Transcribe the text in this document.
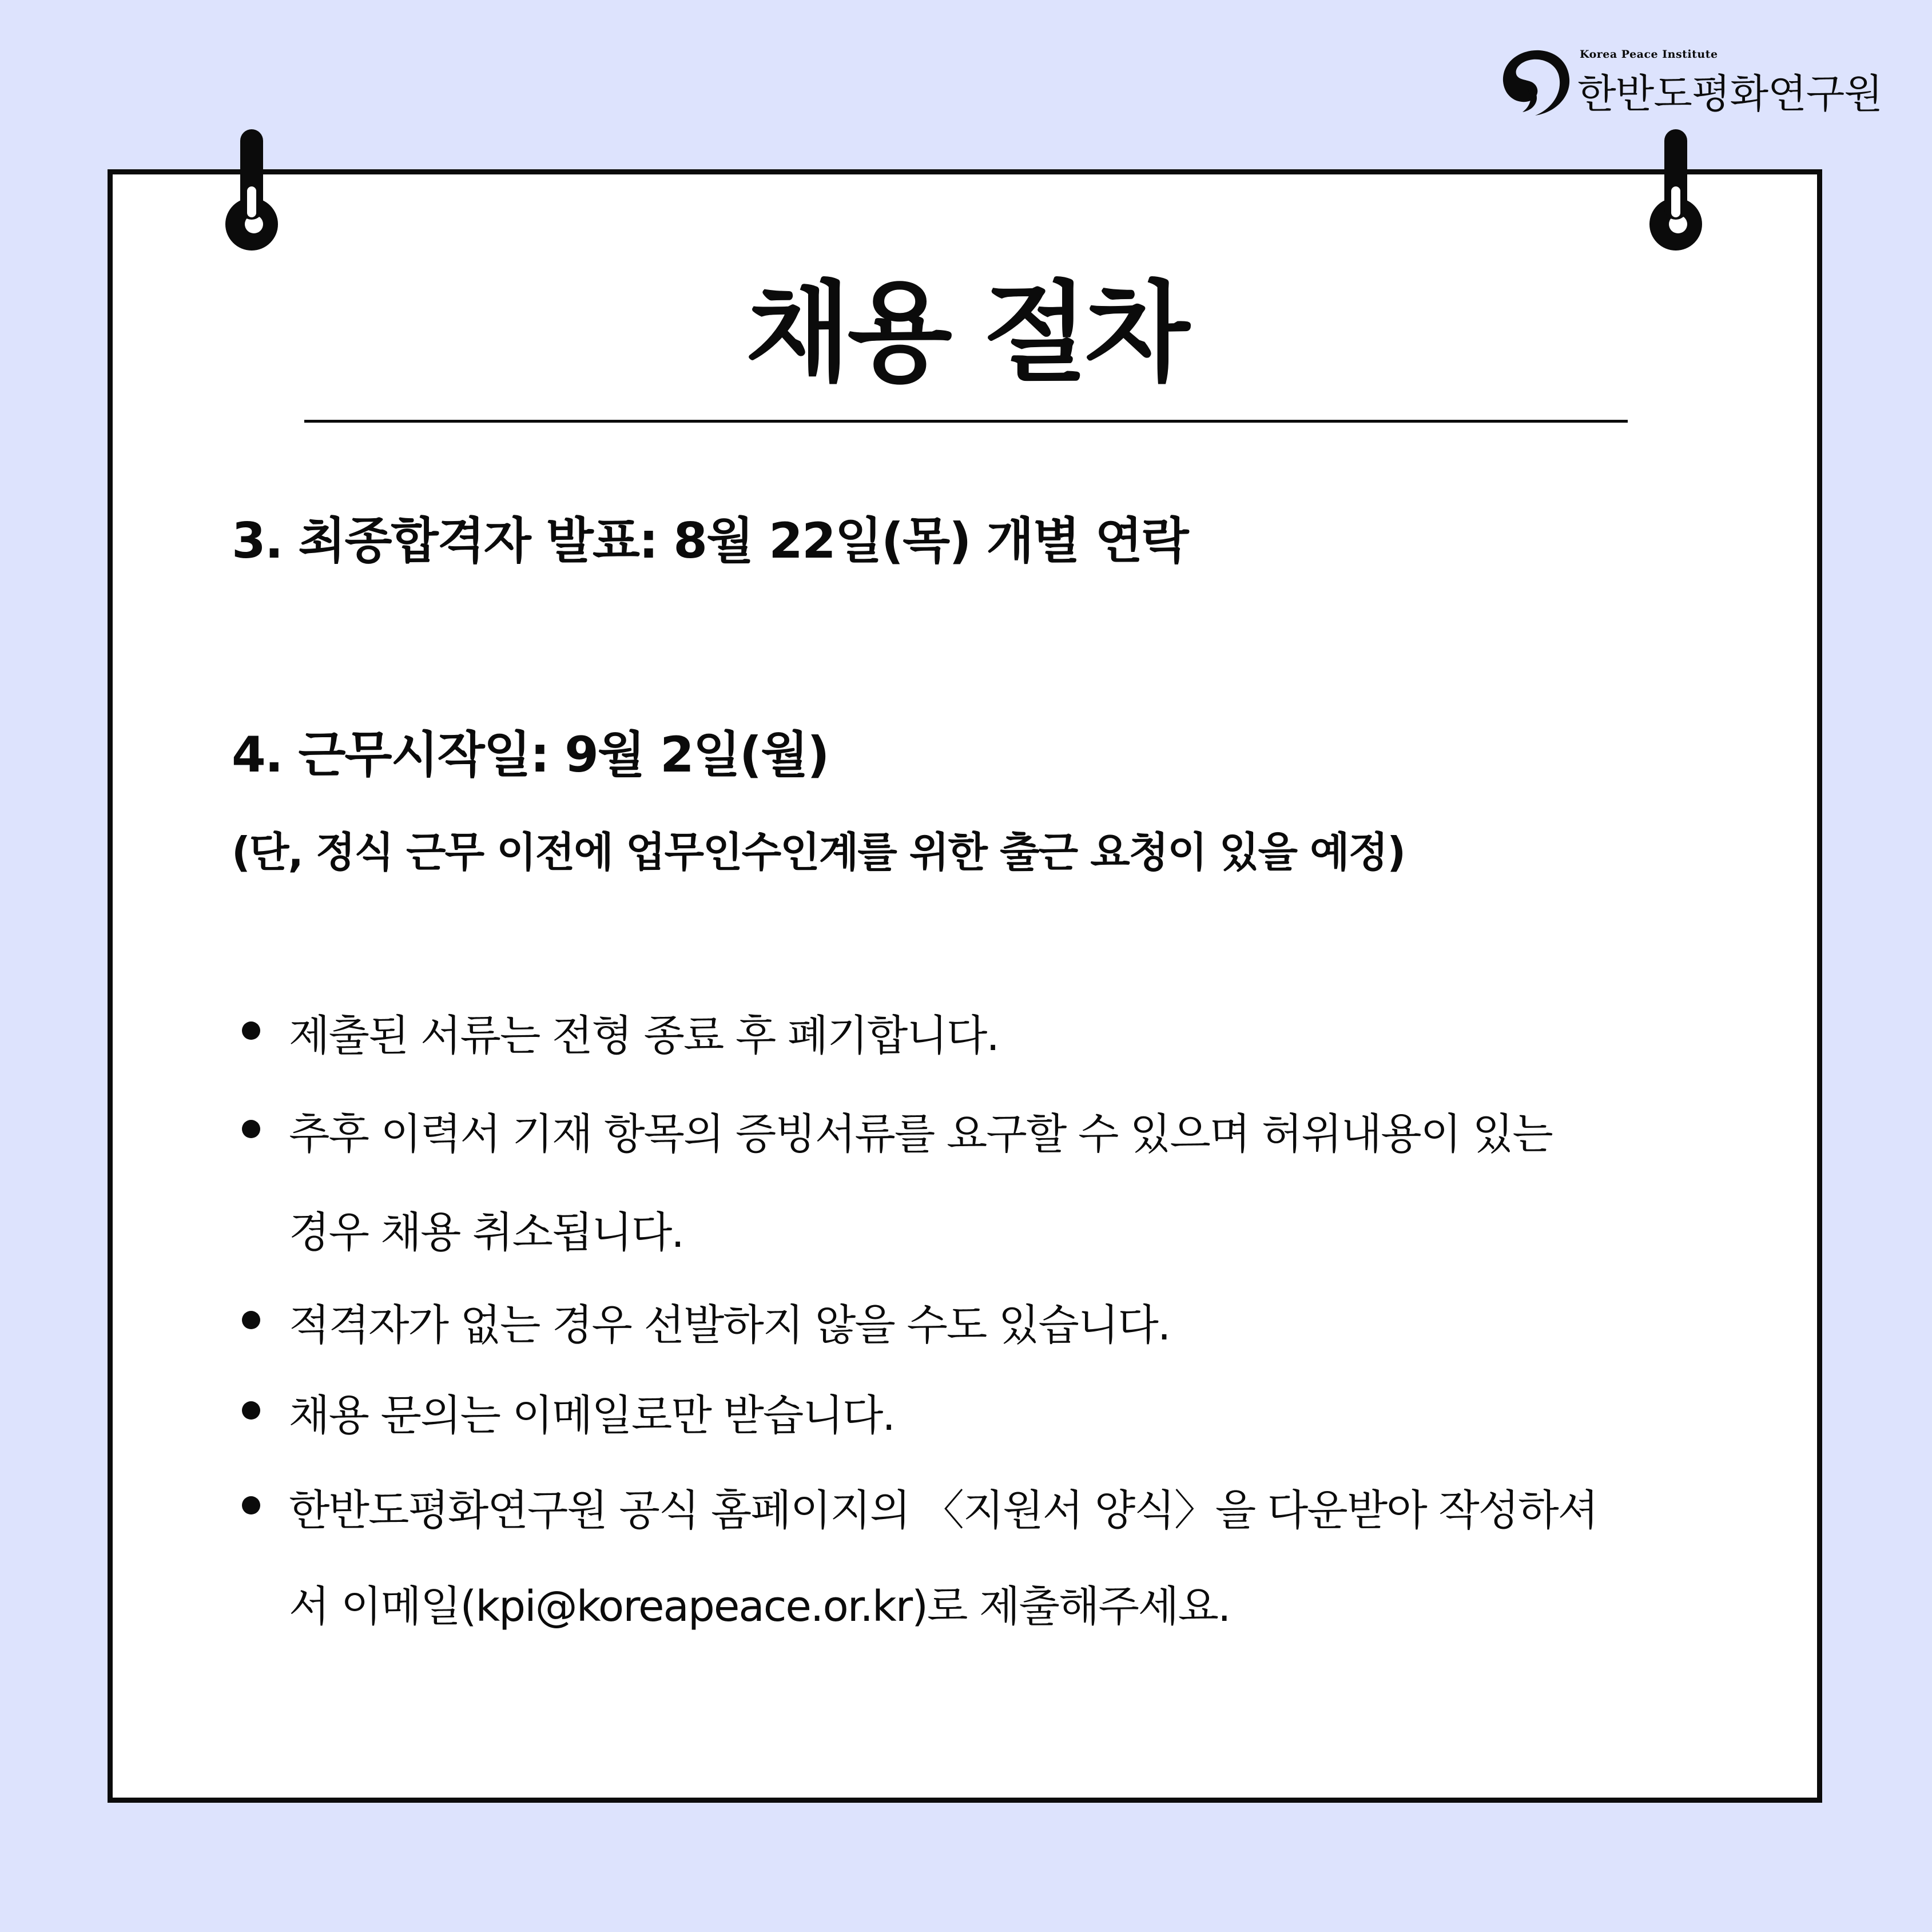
Korea Peace Institute
한반도평화연구원
채용 절차
3. 최종합격자 발표: 8월 22일(목) 개별 연락
4. 근무시작일: 9월 2일(월)
(단, 정식 근무 이전에 업무인수인계를 위한 출근 요청이 있을 예정)
제출된 서류는 전형 종료 후 폐기합니다.
추후 이력서 기재 항목의 증빙서류를 요구할 수 있으며 허위내용이 있는
경우 채용 취소됩니다.
적격자가 없는 경우 선발하지 않을 수도 있습니다.
채용 문의는 이메일로만 받습니다.
한반도평화연구원 공식 홈페이지의 〈지원서 양식〉을 다운받아 작성하셔
서 이메일(kpi@koreapeace.or.kr)로 제출해주세요.
